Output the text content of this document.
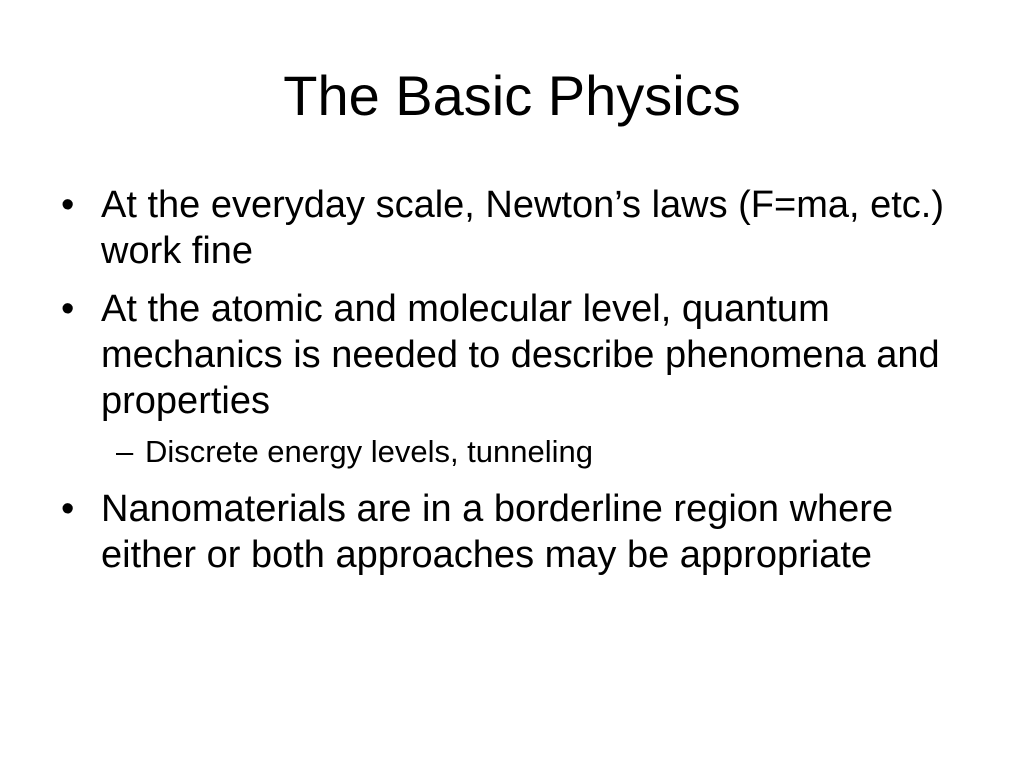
The Basic Physics
• At the everyday scale, Newton’s laws (F=ma, etc.) work fine
• At the atomic and molecular level, quantum mechanics is needed to describe phenomena and properties
– Discrete energy levels, tunneling
• Nanomaterials are in a borderline region where either or both approaches may be appropriate
